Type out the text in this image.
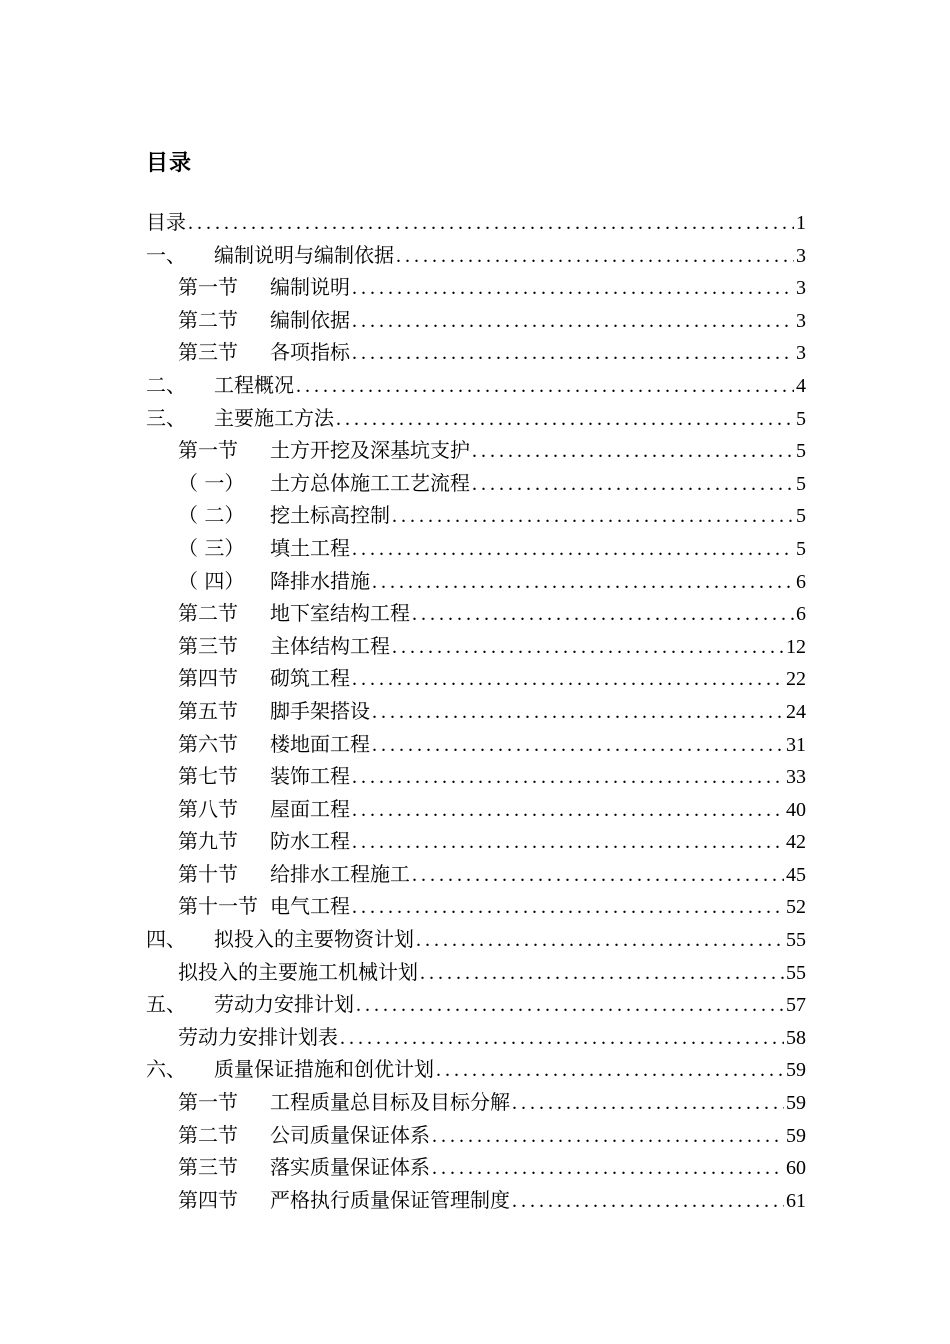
目录
目录 .....	1
一、	编制说明与编制依据 .....	3
第一节	编制说明 .....	3
第二节	编制依据 .....	3
第三节	各项指标 .....	3
二、	工程概况 .....	4
三、	主要施工方法 .....	5
第一节	土方开挖及深基坑支护 .....	5
（ 一）	土方总体施工工艺流程 .....	5
（ 二）	挖土标高控制 .....	5
（ 三）	填土工程 .....	5
（ 四）	降排水措施 .....	6
第二节	地下室结构工程 .....	6
第三节	主体结构工程 .....	12
第四节	砌筑工程 .....	22
第五节	脚手架搭设 .....	24
第六节	楼地面工程 .....	31
第七节	装饰工程 .....	33
第八节	屋面工程 .....	40
第九节	防水工程 .....	42
第十节	给排水工程施工 .....	45
第十一节 电气工程 .....	52
四、	拟投入的主要物资计划 .....	55
拟投入的主要施工机械计划 .....	55
五、	劳动力安排计划 .....	57
劳动力安排计划表 .....	58
六、	质量保证措施和创优计划 .....	59
第一节	工程质量总目标及目标分解 .....	59
第二节	公司质量保证体系 .....	59
第三节	落实质量保证体系 .....	60
第四节	严格执行质量保证管理制度 .....	61
